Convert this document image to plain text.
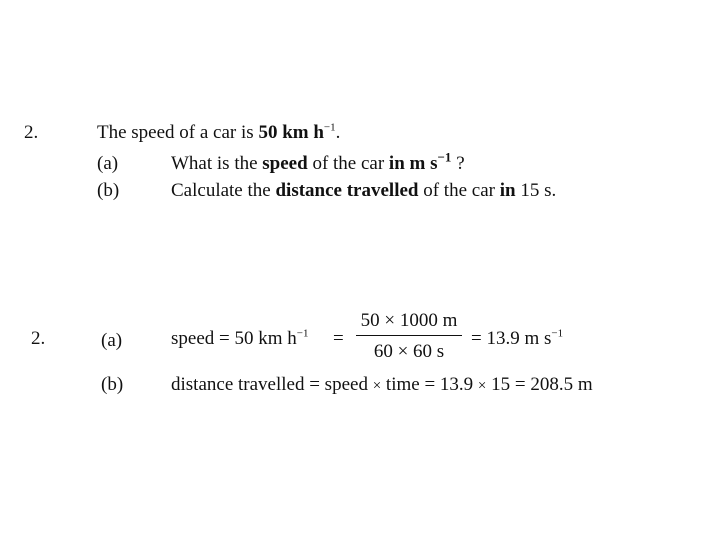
2.	The speed of a car is 50 km $h^{-1}$.
(a)	What is the speed of the car in m $s^{-1}$ ?
(b)	Calculate the distance travelled of the car in 15 s.
2.	(a)	speed = 50 km $h^{-1}$ =
50 × 1000 m
60 × 60 s
= 13.9 m $s^{-1}$
(b)	distance travelled = speed × time = 13.9 × 15 = 208.5 m
